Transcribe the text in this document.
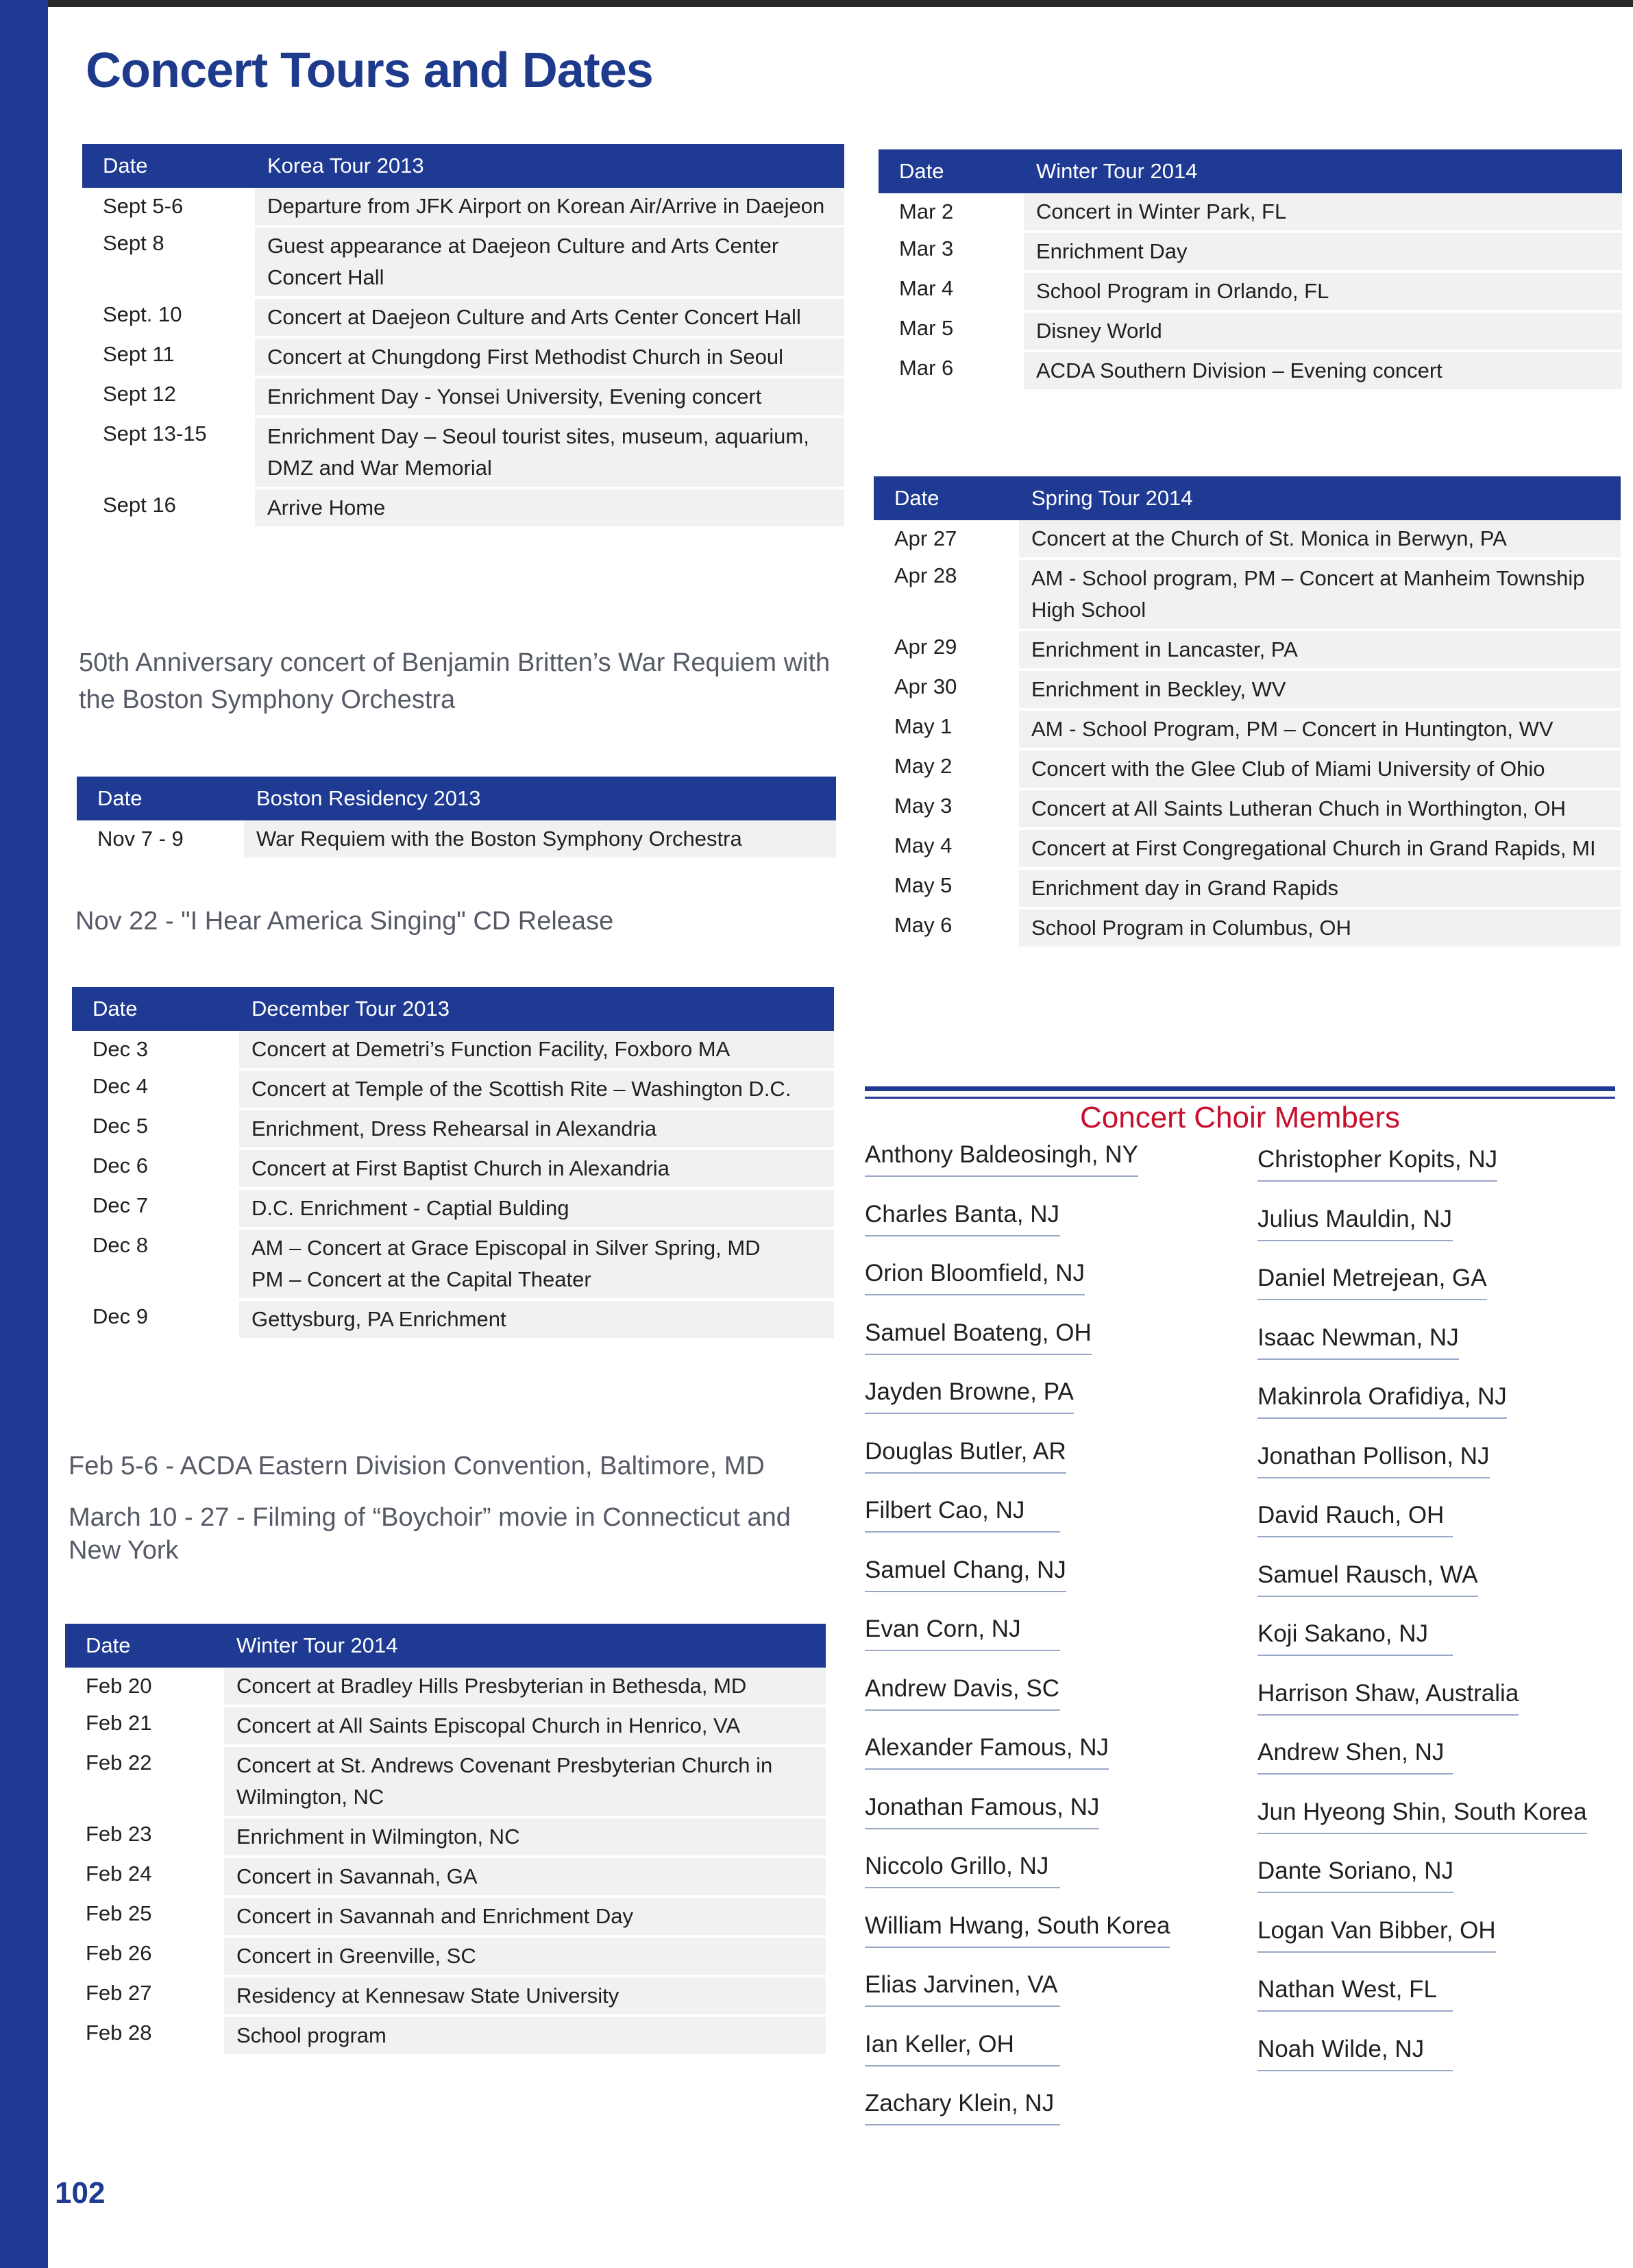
Concert Tours and Dates
Date	Korea Tour 2013
Sept 5-6	Departure from JFK Airport on Korean Air/Arrive in Daejeon
Sept 8	Guest appearance at Daejeon Culture and Arts Center Concert Hall
Sept. 10	Concert at Daejeon Culture and Arts Center Concert Hall
Sept 11	Concert at Chungdong First Methodist Church in Seoul
Sept 12	Enrichment Day - Yonsei University, Evening concert
Sept 13-15	Enrichment Day – Seoul tourist sites, museum, aquarium, DMZ and War Memorial
Sept 16	Arrive Home
50th Anniversary concert of Benjamin Britten’s War Requiem with the Boston Symphony Orchestra
Date	Boston Residency 2013
Nov 7 - 9	War Requiem with the Boston Symphony Orchestra
Nov 22 - "I Hear America Singing" CD Release
Date	December Tour 2013
Dec 3	Concert at Demetri’s Function Facility, Foxboro MA
Dec 4	Concert at Temple of the Scottish Rite – Washington D.C.
Dec 5	Enrichment, Dress Rehearsal in Alexandria
Dec 6	Concert at First Baptist Church in Alexandria
Dec 7	D.C. Enrichment - Captial Bulding
Dec 8	AM – Concert at Grace Episcopal in Silver Spring, MD
PM – Concert at the Capital Theater
Dec 9	Gettysburg, PA Enrichment
Feb 5-6 - ACDA Eastern Division Convention, Baltimore, MD
March 10 - 27 - Filming of “Boychoir” movie in Connecticut and New York
Date	Winter Tour 2014
Feb 20	Concert at Bradley Hills Presbyterian in Bethesda, MD
Feb 21	Concert at All Saints Episcopal Church in Henrico, VA
Feb 22	Concert at St. Andrews Covenant Presbyterian Church in Wilmington, NC
Feb 23	Enrichment in Wilmington, NC
Feb 24	Concert in Savannah, GA
Feb 25	Concert in Savannah and Enrichment Day
Feb 26	Concert in Greenville, SC
Feb 27	Residency at Kennesaw State University
Feb 28	School program
Date	Winter Tour 2014
Mar 2	Concert in Winter Park, FL
Mar 3	Enrichment Day
Mar 4	School Program in Orlando, FL
Mar 5	Disney World
Mar 6	ACDA Southern Division – Evening concert
Date	Spring Tour 2014
Apr 27	Concert at the Church of St. Monica in Berwyn, PA
Apr 28	AM - School program, PM – Concert at Manheim Township High School
Apr 29	Enrichment in Lancaster, PA
Apr 30	Enrichment in Beckley, WV
May 1	AM - School Program, PM – Concert in Huntington, WV
May 2	Concert with the Glee Club of Miami University of Ohio
May 3	Concert at All Saints Lutheran Chuch in Worthington, OH
May 4	Concert at First Congregational Church in Grand Rapids, MI
May 5	Enrichment day in Grand Rapids
May 6	School Program in Columbus, OH
Concert Choir Members
Anthony Baldeosingh, NY
Charles Banta, NJ
Orion Bloomfield, NJ
Samuel Boateng, OH
Jayden Browne, PA
Douglas Butler, AR
Filbert Cao, NJ
Samuel Chang, NJ
Evan Corn, NJ
Andrew Davis, SC
Alexander Famous, NJ
Jonathan Famous, NJ
Niccolo Grillo, NJ
William Hwang, South Korea
Elias Jarvinen, VA
Ian Keller, OH
Zachary Klein, NJ
Christopher Kopits, NJ
Julius Mauldin, NJ
Daniel Metrejean, GA
Isaac Newman, NJ
Makinrola Orafidiya, NJ
Jonathan Pollison, NJ
David Rauch, OH
Samuel Rausch, WA
Koji Sakano, NJ
Harrison Shaw, Australia
Andrew Shen, NJ
Jun Hyeong Shin, South Korea
Dante Soriano, NJ
Logan Van Bibber, OH
Nathan West, FL
Noah Wilde, NJ
102
